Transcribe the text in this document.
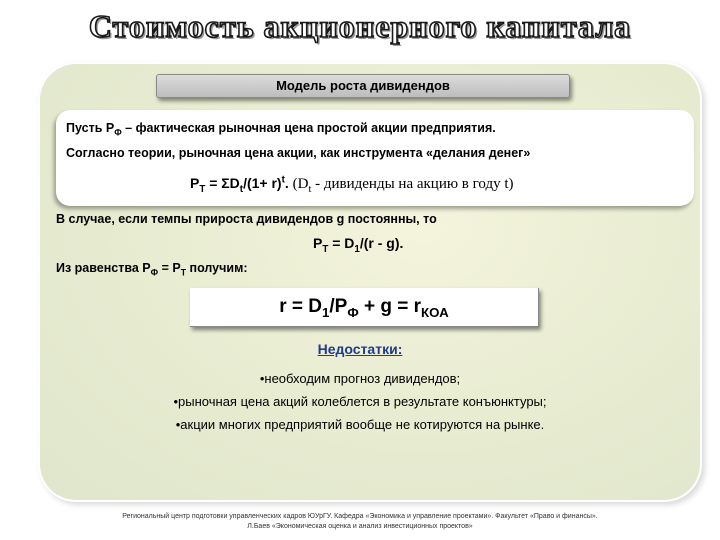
Стоимость акционерного капитала
Модель роста дивидендов
Пусть $P_Ф$ – фактическая рыночная цена простой акции предприятия.
Согласно теории, рыночная цена акции, как инструмента «делания денег»
$P_T = \Sigma D_t/(1+ r)^t$. ($D_t$ - дивиденды на акцию в году t)
В случае, если темпы прироста дивидендов g постоянны, то
$P_T = D_1/(r - g)$.
Из равенства $P_Ф = P_T$ получим:
$r = D_1/P_Ф + g = r_{КОА}$
Недостатки:
•необходим прогноз дивидендов;
•рыночная цена акций колеблется в результате конъюнктуры;
•акции многих предприятий вообще не котируются на рынке.
Региональный центр подготовки управленческих кадров ЮУрГУ. Кафедра «Экономика и управление проектами». Факультет «Право и финансы».
Л.Баев «Экономическая оценка и анализ инвестиционных проектов»
